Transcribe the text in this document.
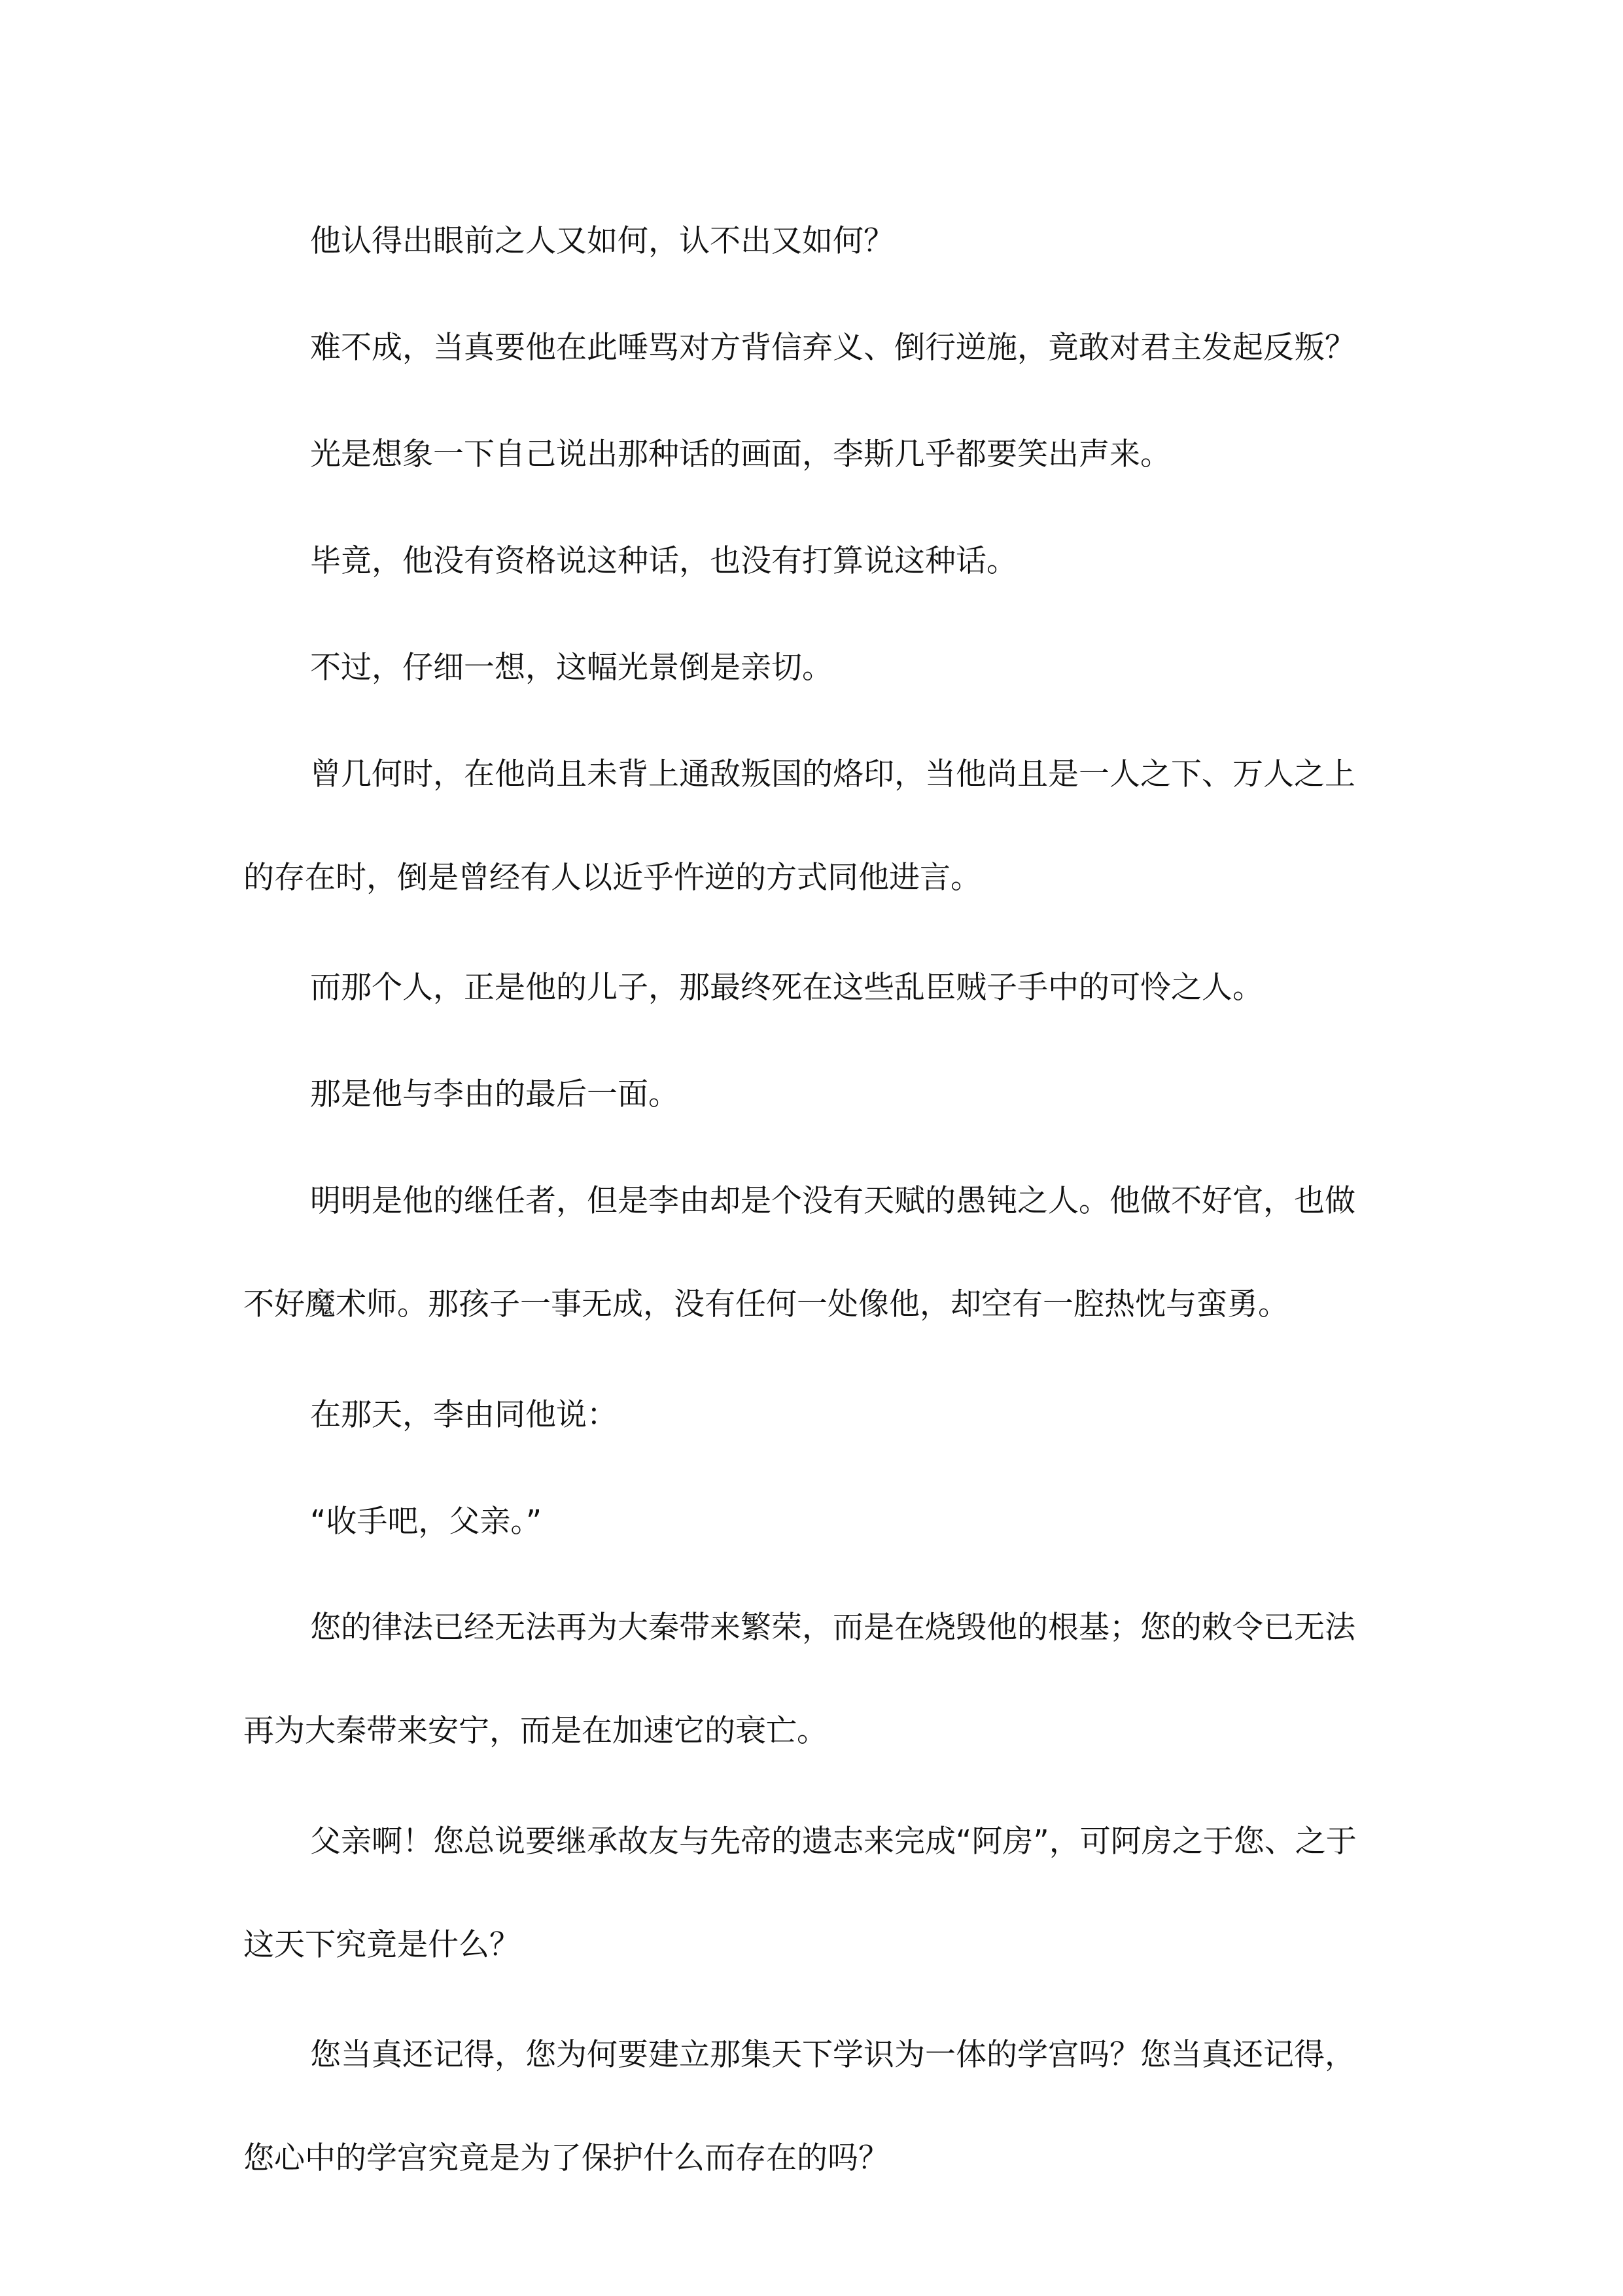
他认得出眼前之人又如何，认不出又如何？

难不成，当真要他在此唾骂对方背信弃义、倒行逆施，竟敢对君主发起反叛？

光是想象一下自己说出那种话的画面，李斯几乎都要笑出声来。

毕竟，他没有资格说这种话，也没有打算说这种话。

不过，仔细一想，这幅光景倒是亲切。

曾几何时，在他尚且未背上通敌叛国的烙印，当他尚且是一人之下、万人之上的存在时，倒是曾经有人以近乎忤逆的方式同他进言。

而那个人，正是他的儿子，那最终死在这些乱臣贼子手中的可怜之人。

那是他与李由的最后一面。

明明是他的继任者，但是李由却是个没有天赋的愚钝之人。他做不好官，也做不好魔术师。那孩子一事无成，没有任何一处像他，却空有一腔热忱与蛮勇。

在那天，李由同他说：

“收手吧，父亲。”

您的律法已经无法再为大秦带来繁荣，而是在烧毁他的根基；您的敕令已无法再为大秦带来安宁，而是在加速它的衰亡。

父亲啊！您总说要继承故友与先帝的遗志来完成“阿房”，可阿房之于您、之于这天下究竟是什么？

您当真还记得，您为何要建立那集天下学识为一体的学宫吗？您当真还记得，您心中的学宫究竟是为了保护什么而存在的吗？
